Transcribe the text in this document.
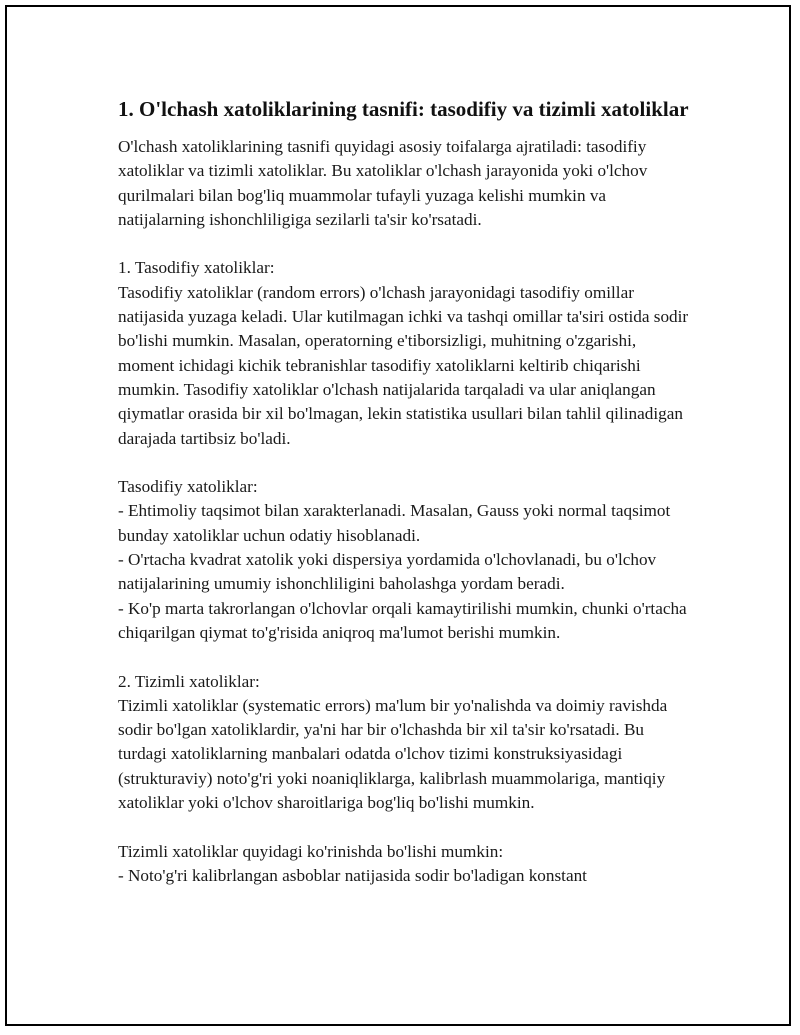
1. O'lchash xatoliklarining tasnifi: tasodifiy va tizimli xatoliklar

O'lchash xatoliklarining tasnifi quyidagi asosiy toifalarga ajratiladi: tasodifiy xatoliklar va tizimli xatoliklar. Bu xatoliklar o'lchash jarayonida yoki o'lchov qurilmalari bilan bog'liq muammolar tufayli yuzaga kelishi mumkin va natijalarning ishonchliligiga sezilarli ta'sir ko'rsatadi.

1. Tasodifiy xatoliklar:

Tasodifiy xatoliklar (random errors) o'lchash jarayonidagi tasodifiy omillar natijasida yuzaga keladi. Ular kutilmagan ichki va tashqi omillar ta'siri ostida sodir bo'lishi mumkin. Masalan, operatorning e'tiborsizligi, muhitning o'zgarishi, moment ichidagi kichik tebranishlar tasodifiy xatoliklarni keltirib chiqarishi mumkin. Tasodifiy xatoliklar o'lchash natijalarida tarqaladi va ular aniqlangan qiymatlar orasida bir xil bo'lmagan, lekin statistika usullari bilan tahlil qilinadigan darajada tartibsiz bo'ladi.

Tasodifiy xatoliklar:

- Ehtimoliy taqsimot bilan xarakterlanadi. Masalan, Gauss yoki normal taqsimot bunday xatoliklar uchun odatiy hisoblanadi.

- O'rtacha kvadrat xatolik yoki dispersiya yordamida o'lchovlanadi, bu o'lchov natijalarining umumiy ishonchliligini baholashga yordam beradi.

- Ko'p marta takrorlangan o'lchovlar orqali kamaytirilishi mumkin, chunki o'rtacha chiqarilgan qiymat to'g'risida aniqroq ma'lumot berishi mumkin.

2. Tizimli xatoliklar:

Tizimli xatoliklar (systematic errors) ma'lum bir yo'nalishda va doimiy ravishda sodir bo'lgan xatoliklardir, ya'ni har bir o'lchashda bir xil ta'sir ko'rsatadi. Bu turdagi xatoliklarning manbalari odatda o'lchov tizimi konstruksiyasidagi (strukturaviy) noto'g'ri yoki noaniqliklarga, kalibrlash muammolariga, mantiqiy xatoliklar yoki o'lchov sharoitlariga bog'liq bo'lishi mumkin.

Tizimli xatoliklar quyidagi ko'rinishda bo'lishi mumkin:

- Noto'g'ri kalibrlangan asboblar natijasida sodir bo'ladigan konstant
